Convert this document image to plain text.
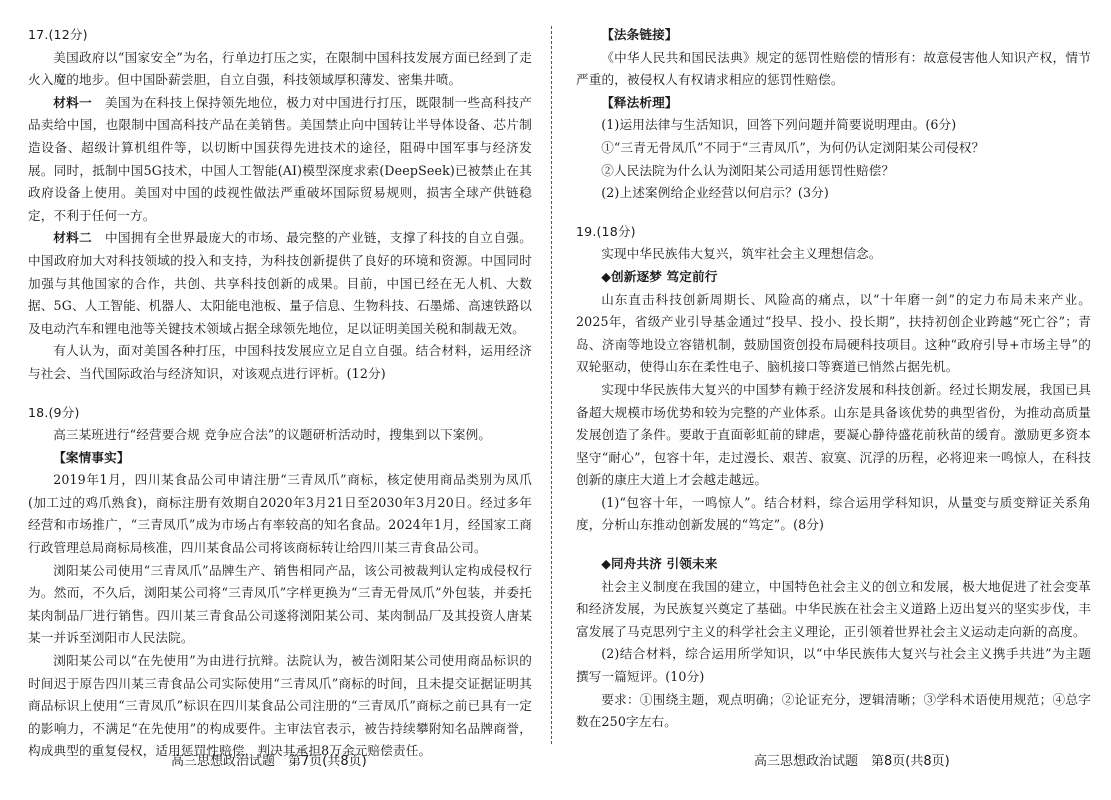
17.(12分)

美国政府以“国家安全”为名，行单边打压之实，在限制中国科技发展方面已经到了走火入魔的地步。但中国卧薪尝胆，自立自强，科技领域厚积薄发、密集井喷。

材料一　 美国为在科技上保持领先地位，极力对中国进行打压，既限制一些高科技产品卖给中国，也限制中国高科技产品在美销售。美国禁止向中国转让半导体设备、芯片制造设备、超级计算机组件等，以切断中国获得先进技术的途径，阻碍中国军事与经济发展。同时，抵制中国5G技术，中国人工智能(AI)模型深度求索(DeepSeek)已被禁止在其政府设备上使用。美国对中国的歧视性做法严重破坏国际贸易规则，损害全球产供链稳定，不利于任何一方。

材料二　 中国拥有全世界最庞大的市场、最完整的产业链，支撑了科技的自立自强。中国政府加大对科技领域的投入和支持，为科技创新提供了良好的环境和资源。中国同时加强与其他国家的合作，共创、共享科技创新的成果。目前，中国已经在无人机、大数据、5G、人工智能、机器人、太阳能电池板、量子信息、生物科技、石墨烯、高速铁路以及电动汽车和锂电池等关键技术领域占据全球领先地位，足以证明美国关税和制裁无效。

有人认为，面对美国各种打压，中国科技发展应立足自立自强。结合材料，运用经济与社会、当代国际政治与经济知识，对该观点进行评析。(12分)

18.(9分)

高三某班进行“经营要合规 竞争应合法”的议题研析活动时，搜集到以下案例。

【案情事实】

2019年1月，四川某食品公司申请注册“三青凤爪”商标，核定使用商品类别为凤爪(加工过的鸡爪熟食)，商标注册有效期自2020年3月21日至2030年3月20日。经过多年经营和市场推广，“三青凤爪”成为市场占有率较高的知名食品。2024年1月，经国家工商行政管理总局商标局核准，四川某食品公司将该商标转让给四川某三青食品公司。

浏阳某公司使用“三青凤爪”品牌生产、销售相同产品，该公司被裁判认定构成侵权行为。然而，不久后，浏阳某公司将“三青凤爪”字样更换为“三青无骨凤爪”外包装，并委托某肉制品厂进行销售。四川某三青食品公司遂将浏阳某公司、某肉制品厂及其投资人唐某某一并诉至浏阳市人民法院。

浏阳某公司以“在先使用”为由进行抗辩。法院认为，被告浏阳某公司使用商品标识的时间迟于原告四川某三青食品公司实际使用“三青凤爪”商标的时间，且未提交证据证明其商品标识上使用“三青凤爪”标识在四川某食品公司注册的“三青凤爪”商标之前已具有一定的影响力，不满足“在先使用”的构成要件。主审法官表示，被告持续攀附知名品牌商誉，构成典型的重复侵权，适用惩罚性赔偿，判决其承担8万余元赔偿责任。

【法条链接】

《中华人民共和国民法典》规定的惩罚性赔偿的情形有：故意侵害他人知识产权，情节严重的，被侵权人有权请求相应的惩罚性赔偿。

【释法析理】

(1)运用法律与生活知识，回答下列问题并简要说明理由。(6分)

①“三青无骨凤爪”不同于“三青凤爪”，为何仍认定浏阳某公司侵权？

②人民法院为什么认为浏阳某公司适用惩罚性赔偿？

(2)上述案例给企业经营以何启示？(3分)

19.(18分)

实现中华民族伟大复兴，筑牢社会主义理想信念。

◆创新逐梦 笃定前行

山东直击科技创新周期长、风险高的痛点，以“十年磨一剑”的定力布局未来产业。2025年，省级产业引导基金通过“投早、投小、投长期”，扶持初创企业跨越“死亡谷”；青岛、济南等地设立容错机制，鼓励国资创投布局硬科技项目。这种“政府引导+市场主导”的双轮驱动，使得山东在柔性电子、脑机接口等赛道已悄然占据先机。

实现中华民族伟大复兴的中国梦有赖于经济发展和科技创新。经过长期发展，我国已具备超大规模市场优势和较为完整的产业体系。山东是具备该优势的典型省份，为推动高质量发展创造了条件。要敢于直面彰虹前的肆虐，要凝心静待盛花前秋苗的缓育。激励更多资本坚守“耐心”，包容十年，走过漫长、艰苦、寂寞、沉浮的历程，必将迎来一鸣惊人，在科技创新的康庄大道上才会越走越远。

(1)“包容十年，一鸣惊人”。结合材料，综合运用学科知识，从量变与质变辩证关系角度，分析山东推动创新发展的“笃定”。(8分)

◆同舟共济 引领未来

社会主义制度在我国的建立，中国特色社会主义的创立和发展，极大地促进了社会变革和经济发展，为民族复兴奠定了基础。中华民族在社会主义道路上迈出复兴的坚实步伐，丰富发展了马克思列宁主义的科学社会主义理论，正引领着世界社会主义运动走向新的高度。

(2)结合材料，综合运用所学知识，以“中华民族伟大复兴与社会主义携手共进”为主题撰写一篇短评。(10分)

要求：①围绕主题，观点明确；②论证充分，逻辑清晰；③学科术语使用规范；④总字数在250字左右。

高三思想政治试题　第7页(共8页)	高三思想政治试题　第8页(共8页)
